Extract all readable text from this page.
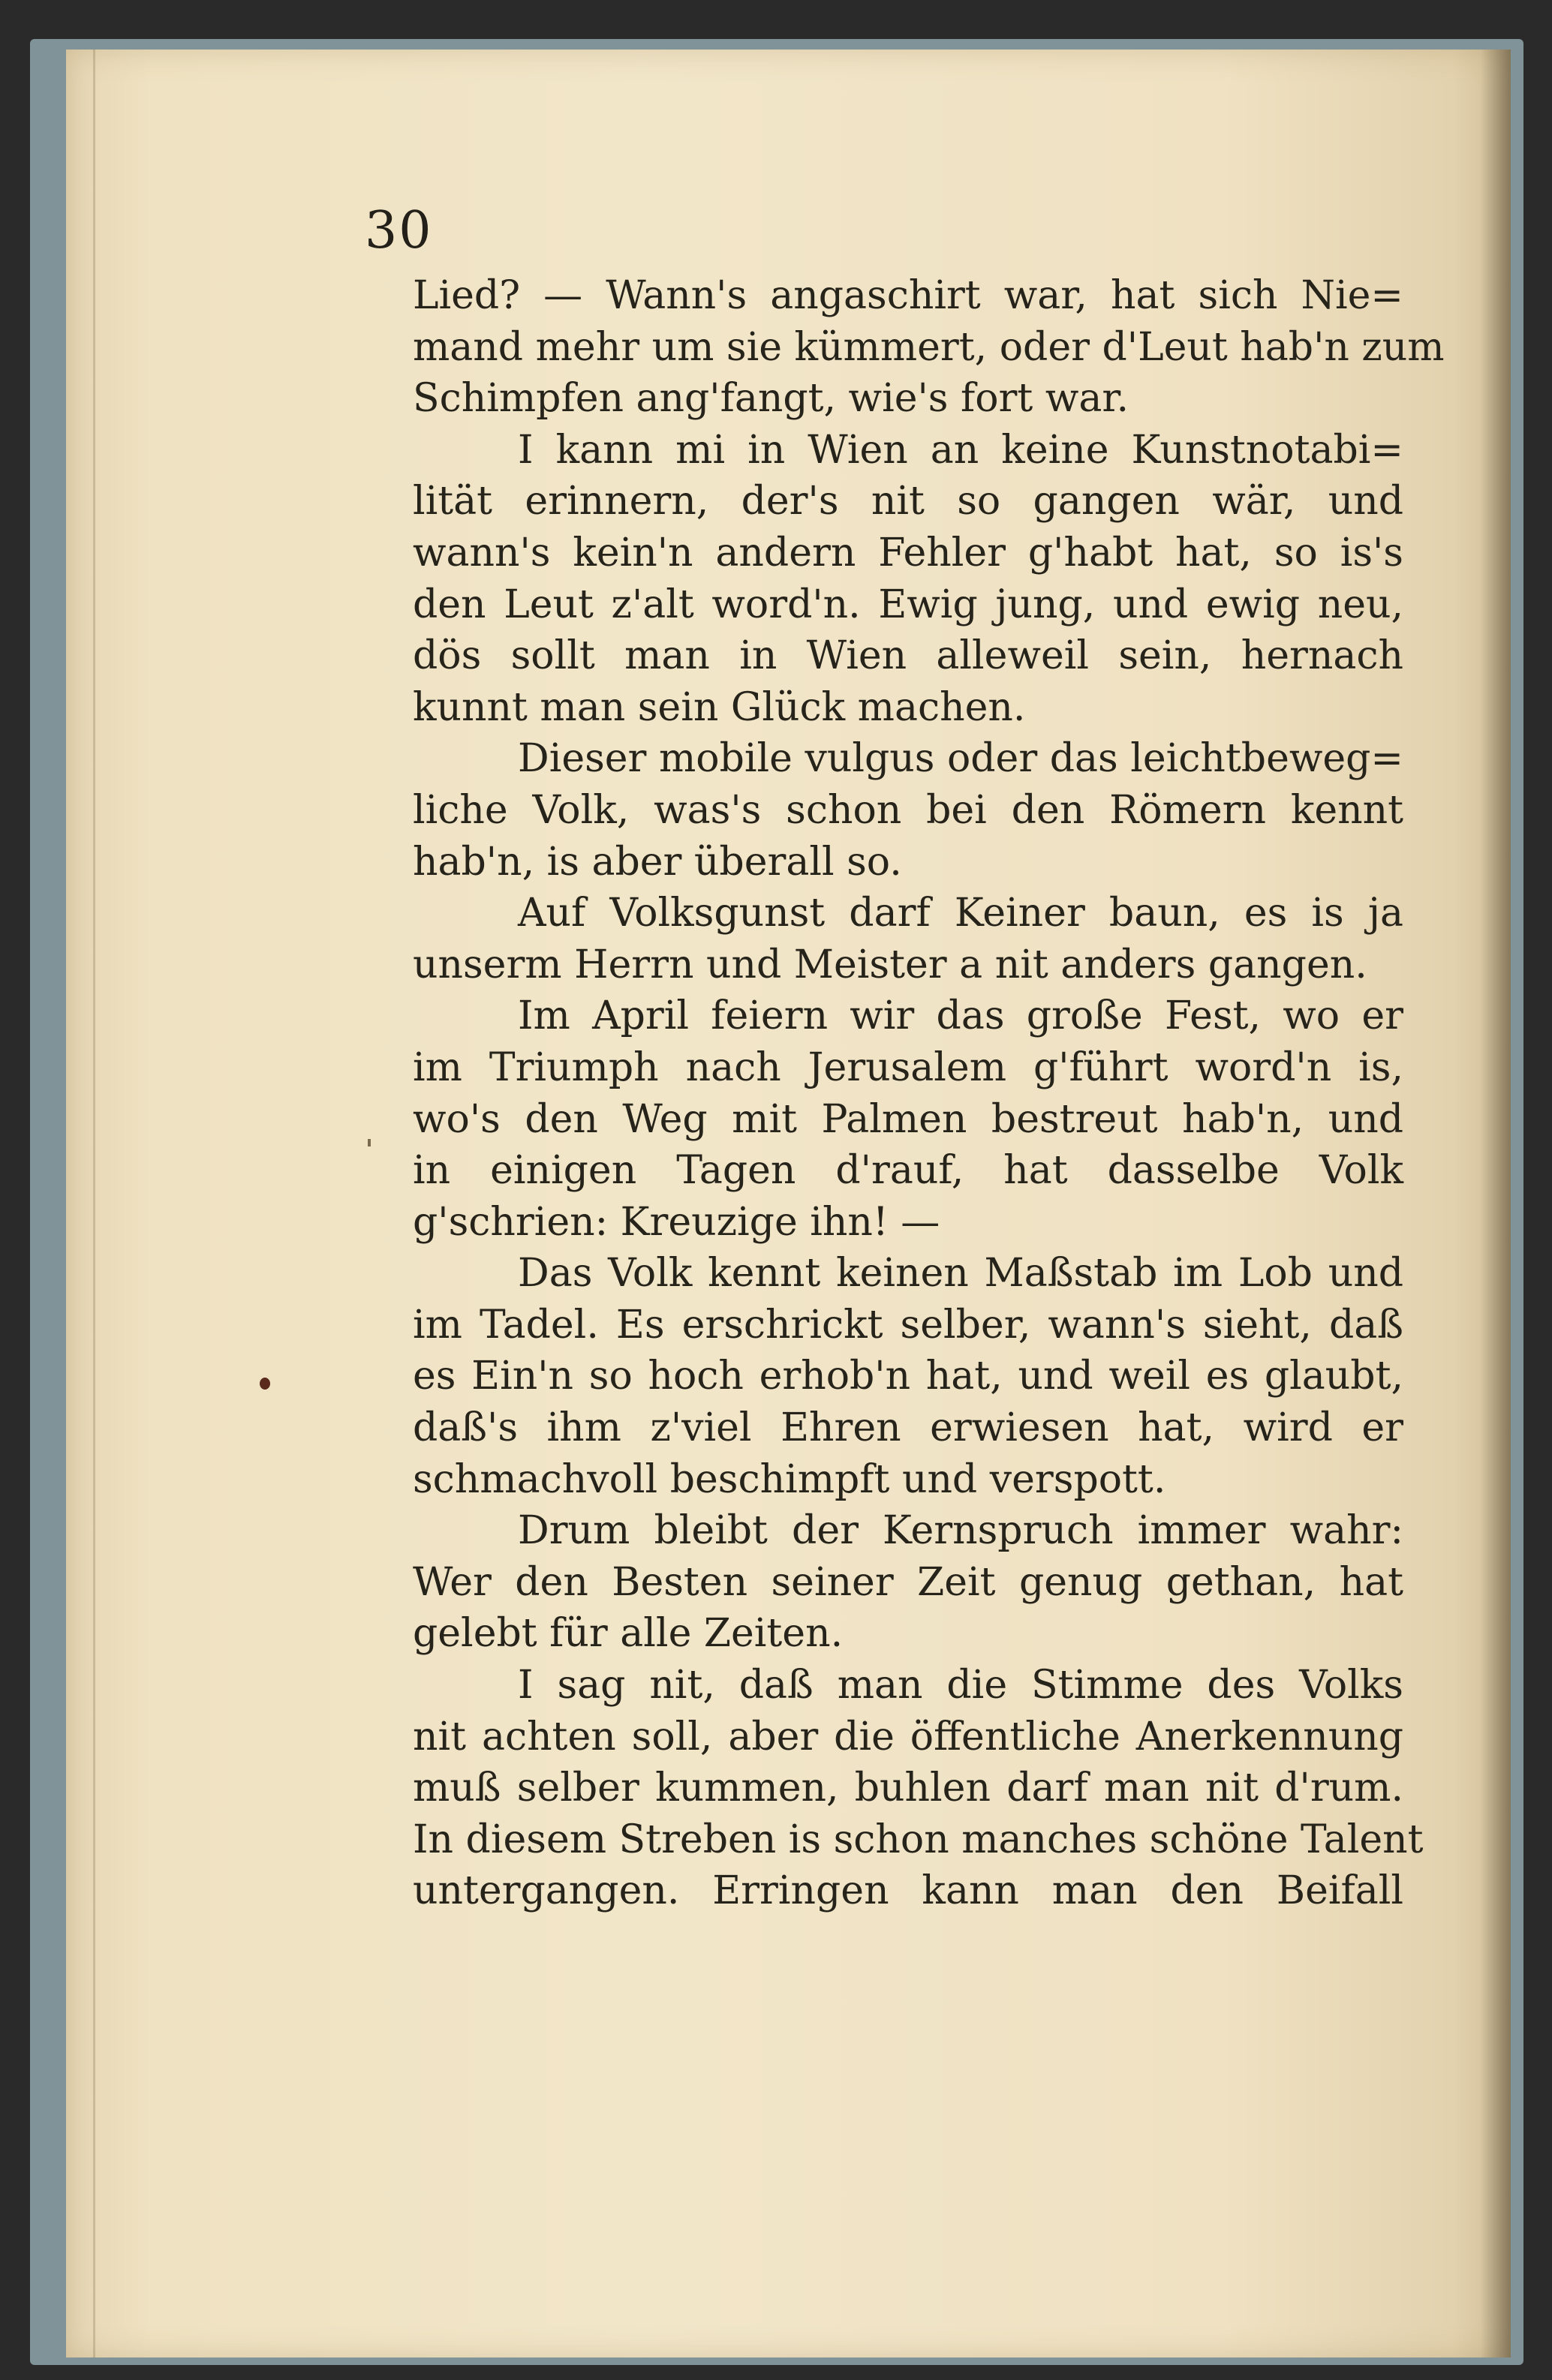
30
Lied? — Wann's angaschirt war, hat sich Nie=
mand mehr um sie kümmert, oder d'Leut hab'n zum
Schimpfen ang'fangt, wie's fort war.
I kann mi in Wien an keine Kunstnotabi=
lität erinnern, der's nit so gangen wär, und
wann's kein'n andern Fehler g'habt hat, so is's
den Leut z'alt word'n. Ewig jung, und ewig neu,
dös sollt man in Wien alleweil sein, hernach
kunnt man sein Glück machen.
Dieser mobile vulgus oder das leichtbeweg=
liche Volk, was's schon bei den Römern kennt
hab'n, is aber überall so.
Auf Volksgunst darf Keiner baun, es is ja
unserm Herrn und Meister a nit anders gangen.
Im April feiern wir das große Fest, wo er
im Triumph nach Jerusalem g'führt word'n is,
wo's den Weg mit Palmen bestreut hab'n, und
in einigen Tagen d'rauf, hat dasselbe Volk
g'schrien: Kreuzige ihn! —
Das Volk kennt keinen Maßstab im Lob und
im Tadel. Es erschrickt selber, wann's sieht, daß
es Ein'n so hoch erhob'n hat, und weil es glaubt,
daß's ihm z'viel Ehren erwiesen hat, wird er
schmachvoll beschimpft und verspott.
Drum bleibt der Kernspruch immer wahr:
Wer den Besten seiner Zeit genug gethan, hat
gelebt für alle Zeiten.
I sag nit, daß man die Stimme des Volks
nit achten soll, aber die öffentliche Anerkennung
muß selber kummen, buhlen darf man nit d'rum.
In diesem Streben is schon manches schöne Talent
untergangen. Erringen kann man den Beifall
